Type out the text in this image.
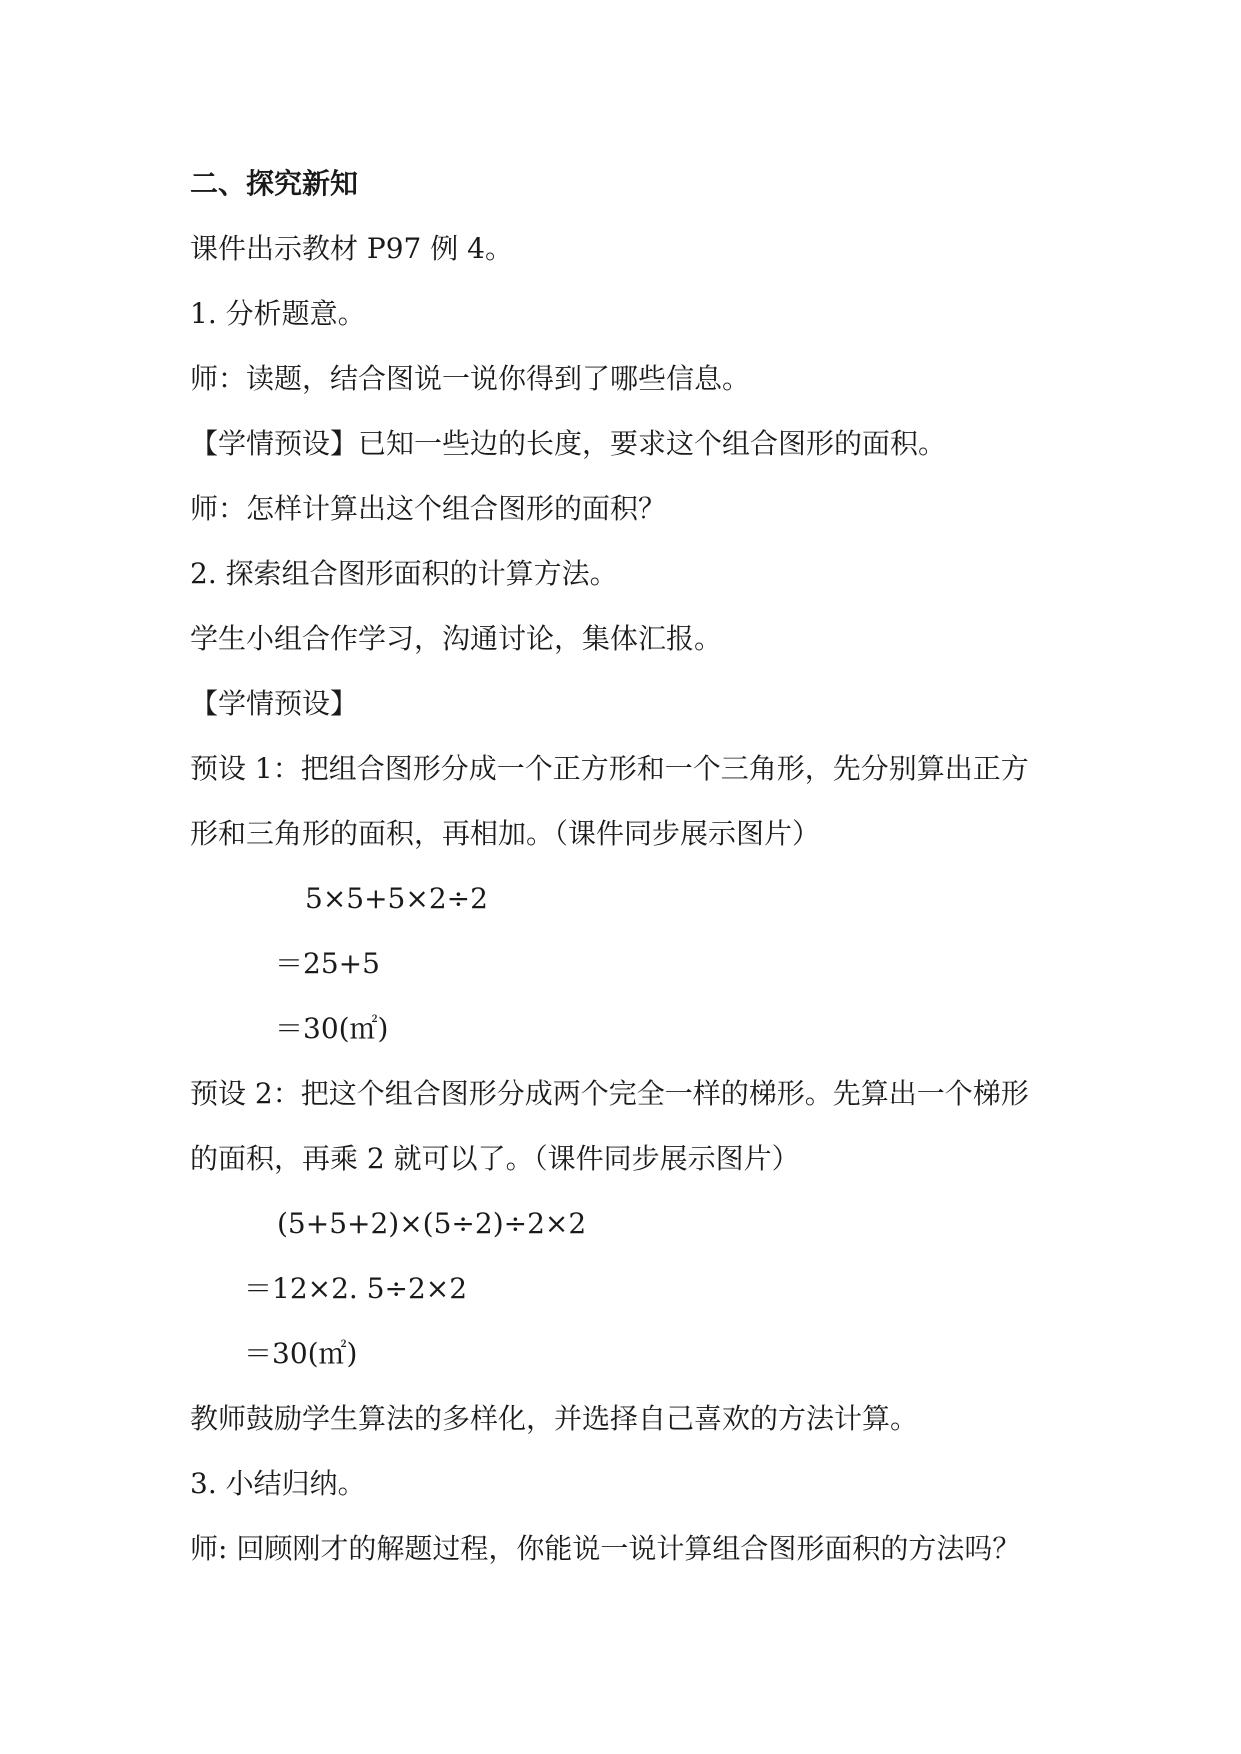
二、探究新知
课件出示教材 P97 例 4。
1. 分析题意。
师：读题，结合图说一说你得到了哪些信息。
【学情预设】已知一些边的长度，要求这个组合图形的面积。
师：怎样计算出这个组合图形的面积？
2. 探索组合图形面积的计算方法。
学生小组合作学习，沟通讨论，集体汇报。
【学情预设】
预设 1：把组合图形分成一个正方形和一个三角形，先分别算出正方
形和三角形的面积，再相加。（课件同步展示图片）
5×5+5×2÷2
＝25+5
＝30(㎡)
预设 2：把这个组合图形分成两个完全一样的梯形。先算出一个梯形
的面积，再乘 2 就可以了。（课件同步展示图片）
(5+5+2)×(5÷2)÷2×2
＝12×2. 5÷2×2
＝30(㎡)
教师鼓励学生算法的多样化，并选择自己喜欢的方法计算。
3. 小结归纳。
师: 回顾刚才的解题过程，你能说一说计算组合图形面积的方法吗？
